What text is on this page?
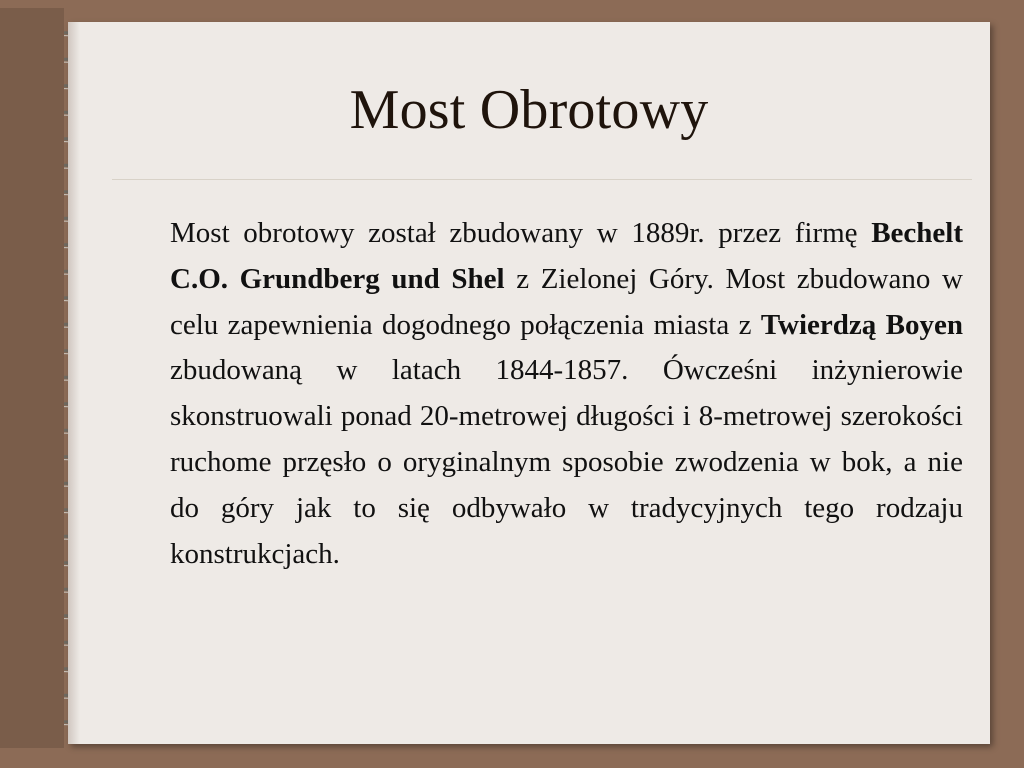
Most Obrotowy

Most obrotowy został zbudowany w 1889r. przez firmę Bechelt C.O. Grundberg und Shel z Zielonej Góry. Most zbudowano w celu zapewnienia dogodnego połączenia miasta z Twierdzą Boyen zbudowaną w latach 1844-1857. Ówcześni inżynierowie skonstruowali ponad 20-metrowej długości i 8-metrowej szerokości ruchome przęsło o oryginalnym sposobie zwodzenia w bok, a nie do góry jak to się odbywało w tradycyjnych tego rodzaju konstrukcjach.
